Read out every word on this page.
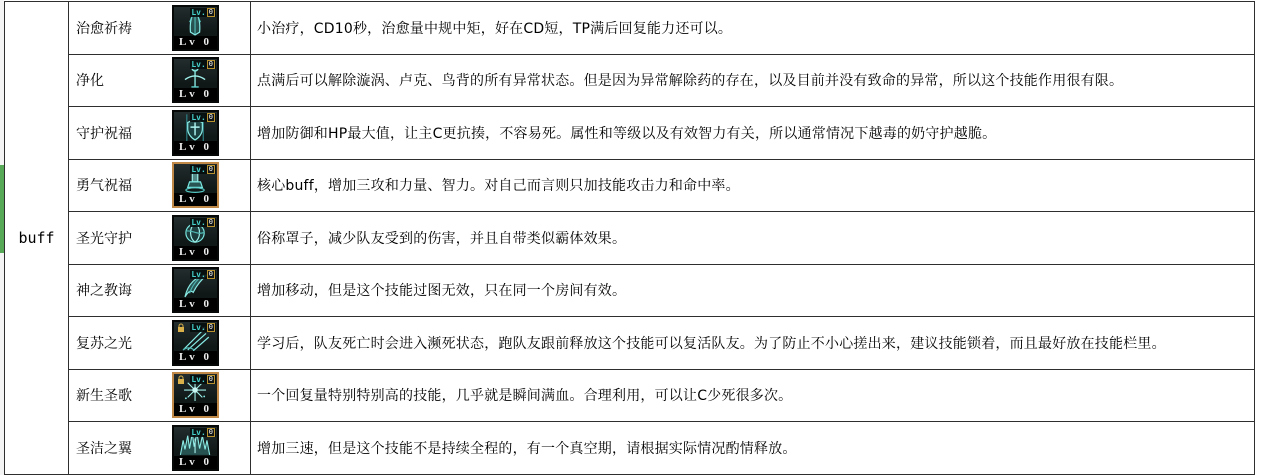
buff
治愈祈祷
Lv. 0
Lv 0
小治疗，CD10秒，治愈量中规中矩，好在CD短，TP满后回复能力还可以。
净化
Lv. 0
Lv 0
点满后可以解除漩涡、卢克、鸟背的所有异常状态。但是因为异常解除药的存在，以及目前并没有致命的异常，所以这个技能作用很有限。
守护祝福
Lv. 0
Lv 0
增加防御和HP最大值，让主C更抗揍，不容易死。属性和等级以及有效智力有关，所以通常情况下越毒的奶守护越脆。
勇气祝福
Lv. 0
Lv 0
核心buff，增加三攻和力量、智力。对自己而言则只加技能攻击力和命中率。
圣光守护
Lv. 0
Lv 0
俗称罩子，减少队友受到的伤害，并且自带类似霸体效果。
神之教诲
Lv. 0
Lv 0
增加移动，但是这个技能过图无效，只在同一个房间有效。
复苏之光
Lv. 0
Lv 0
学习后，队友死亡时会进入濒死状态，跑队友跟前释放这个技能可以复活队友。为了防止不小心搓出来，建议技能锁着，而且最好放在技能栏里。
新生圣歌
Lv. 0
Lv 0
一个回复量特别特别高的技能，几乎就是瞬间满血。合理利用，可以让C少死很多次。
圣洁之翼
Lv. 0
Lv 0
增加三速，但是这个技能不是持续全程的，有一个真空期，请根据实际情况酌情释放。
